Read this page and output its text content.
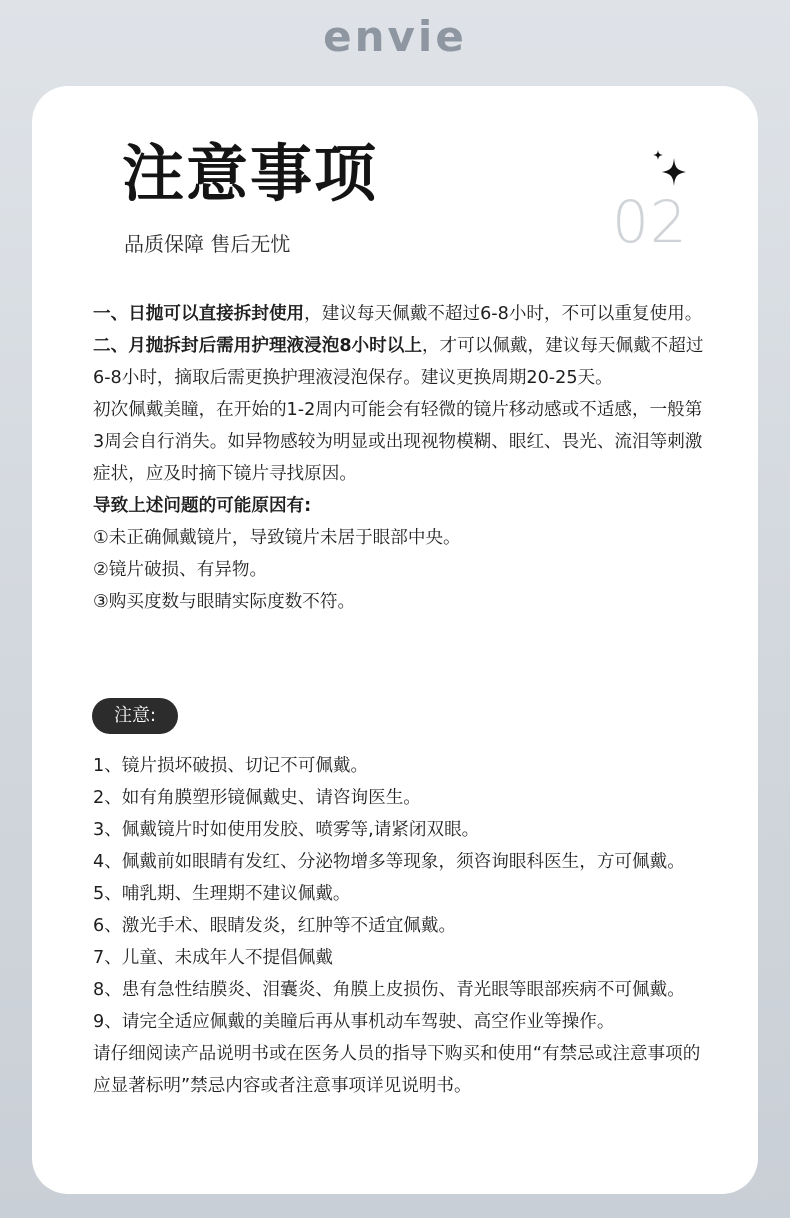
envie
注意事项
品质保障 售后无忧	02

一、日抛可以直接拆封使用，建议每天佩戴不超过6-8小时，不可以重复使用。

二、月抛拆封后需用护理液浸泡8小时以上，才可以佩戴，建议每天佩戴不超过6-8小时，摘取后需更换护理液浸泡保存。建议更换周期20-25天。

初次佩戴美瞳，在开始的1-2周内可能会有轻微的镜片移动感或不适感，一般第3周会自行消失。如异物感较为明显或出现视物模糊、眼红、畏光、流泪等刺激症状，应及时摘下镜片寻找原因。

导致上述问题的可能原因有:

①未正确佩戴镜片，导致镜片未居于眼部中央。

②镜片破损、有异物。

③购买度数与眼睛实际度数不符。

注意:

1、镜片损坏破损、切记不可佩戴。

2、如有角膜塑形镜佩戴史、请咨询医生。

3、佩戴镜片时如使用发胶、喷雾等,请紧闭双眼。

4、佩戴前如眼睛有发红、分泌物增多等现象，须咨询眼科医生，方可佩戴。

5、哺乳期、生理期不建议佩戴。

6、激光手术、眼睛发炎，红肿等不适宜佩戴。

7、儿童、未成年人不提倡佩戴

8、患有急性结膜炎、泪囊炎、角膜上皮损伤、青光眼等眼部疾病不可佩戴。

9、请完全适应佩戴的美瞳后再从事机动车驾驶、高空作业等操作。

请仔细阅读产品说明书或在医务人员的指导下购买和使用“有禁忌或注意事项的应显著标明”禁忌内容或者注意事项详见说明书。
